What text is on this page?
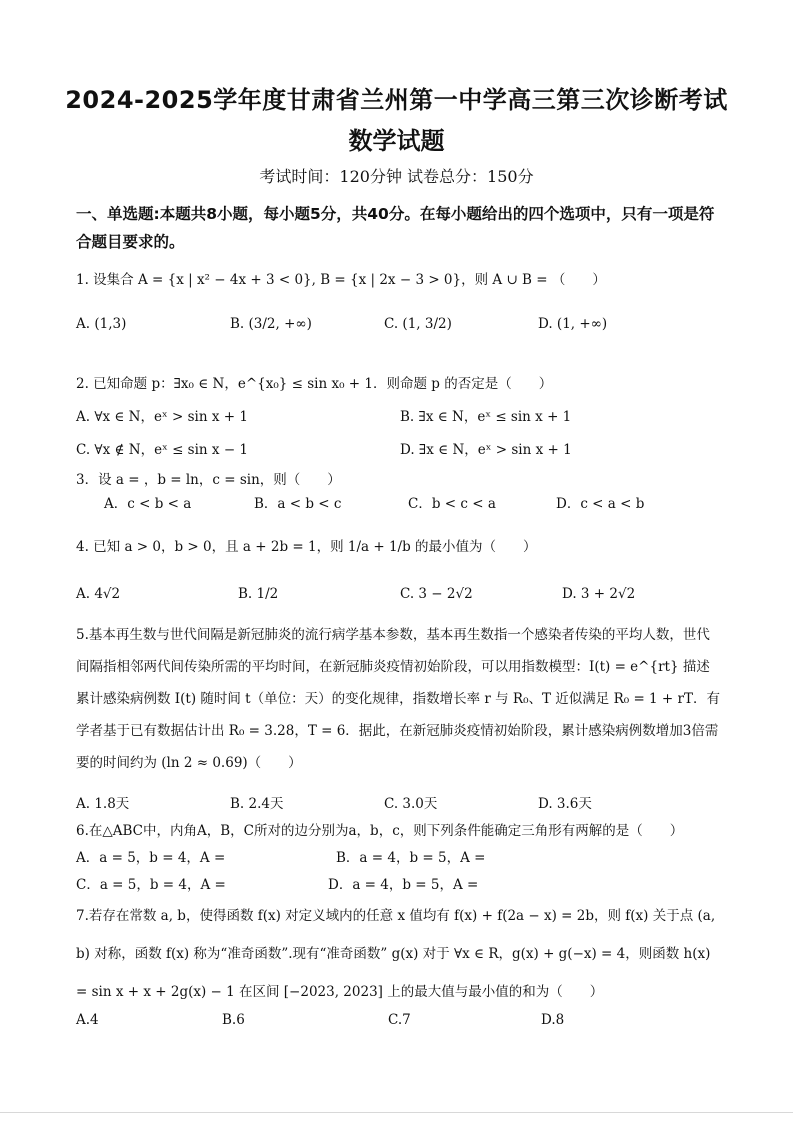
2024-2025学年度甘肃省兰州第一中学高三第三次诊断考试
数学试题
考试时间：120分钟 试卷总分：150分
一、单选题:本题共8小题，每小题5分，共40分。在每小题给出的四个选项中，只有一项是符合题目要求的。
1. 设集合 A = {x | x² − 4x + 3 < 0}, B = {x | 2x − 3 > 0}，则 A ∪ B = （　　）
A. (1,3)	B. (3/2, +∞)	C. (1, 3/2)	D. (1, +∞)
2. 已知命题 p：∃x₀ ∈ N，e^{x₀} ≤ sin x₀ + 1．则命题 p 的否定是（　　）
A. ∀x ∈ N，eˣ > sin x + 1	B. ∃x ∈ N，eˣ ≤ sin x + 1
C. ∀x ∉ N，eˣ ≤ sin x − 1	D. ∃x ∈ N，eˣ > sin x + 1
3．设 a = ，b = ln，c = sin，则（　　）
A．c < b < a	B．a < b < c	C．b < c < a	D．c < a < b
4. 已知 a > 0，b > 0，且 a + 2b = 1，则 1/a + 1/b 的最小值为（　　）
A. 4√2	B. 1/2	C. 3 − 2√2	D. 3 + 2√2
5.基本再生数与世代间隔是新冠肺炎的流行病学基本参数，基本再生数指一个感染者传染的平均人数，世代间隔指相邻两代间传染所需的平均时间，在新冠肺炎疫情初始阶段，可以用指数模型：I(t) = e^{rt} 描述累计感染病例数 I(t) 随时间 t（单位：天）的变化规律，指数增长率 r 与 R₀、T 近似满足 R₀ = 1 + rT．有学者基于已有数据估计出 R₀ = 3.28，T = 6．据此，在新冠肺炎疫情初始阶段，累计感染病例数增加3倍需要的时间约为 (ln 2 ≈ 0.69)（　　）
A. 1.8天	B. 2.4天	C. 3.0天	D. 3.6天
6.在△ABC中，内角A，B，C所对的边分别为a，b，c，则下列条件能确定三角形有两解的是（　　）
A．a = 5，b = 4，A =	B．a = 4，b = 5，A =
C．a = 5，b = 4，A =	D．a = 4，b = 5，A =
7.若存在常数 a, b，使得函数 f(x) 对定义域内的任意 x 值均有 f(x) + f(2a − x) = 2b，则 f(x) 关于点 (a, b) 对称，函数 f(x) 称为“准奇函数”.现有“准奇函数” g(x) 对于 ∀x ∈ R，g(x) + g(−x) = 4，则函数 h(x) = sin x + x + 2g(x) − 1 在区间 [−2023, 2023] 上的最大值与最小值的和为（　　）
A.4	B.6	C.7	D.8
